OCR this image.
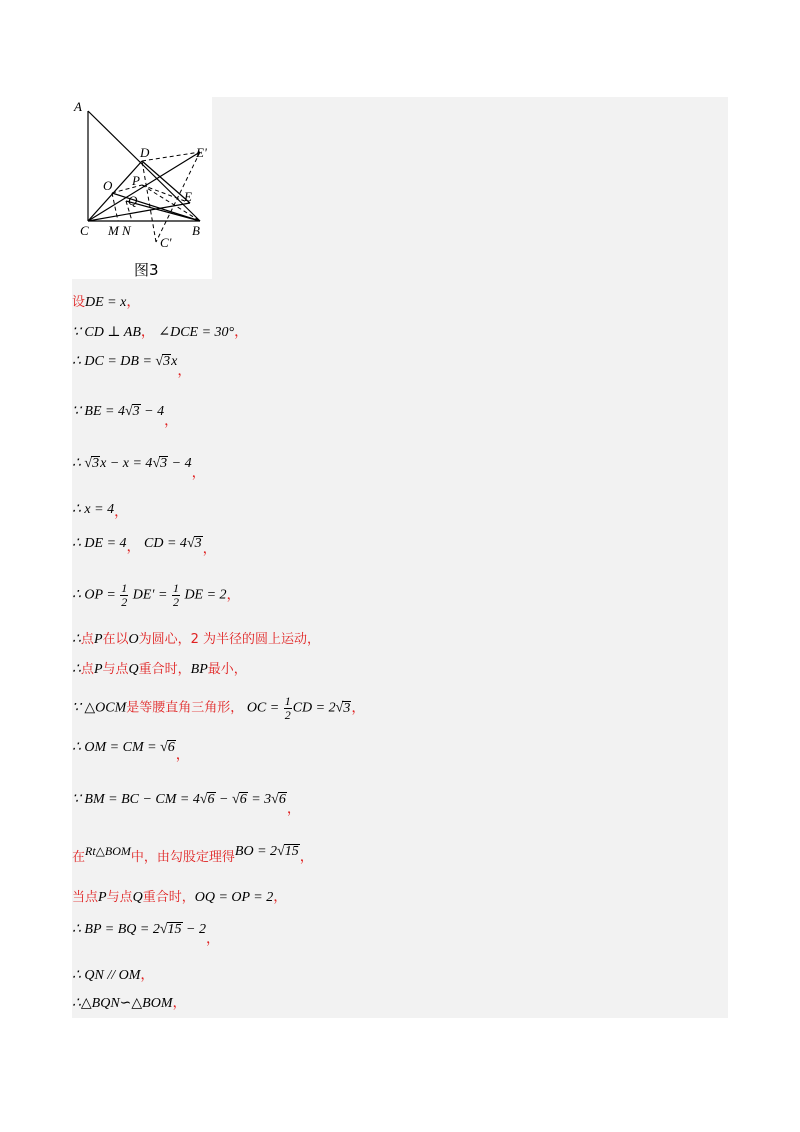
A
D	E'
O P
Q	E
C M N
C'
B
图3
设DE = x，
∵ CD ⊥ AB， ∠DCE = 30°，
∴ DC = DB = √3x，
∵ BE = 4√3 − 4，
∴ √3x − x = 4√3 − 4，
∴ x = 4，
∴ DE = 4， CD = 4√3，
∴ OP = $\frac{1}{2} DE' = \frac{1}{2}$ DE = 2，
∴点P在以O为圆心，2 为半径的圆上运动，
∴点P与点Q重合时，BP最小，
∵ △OCM是等腰直角三角形， OC = $\frac{1}{2}$ CD = 2√3，
∴ OM = CM = √6，
∵ BM = BC − CM = 4√6 − √6 = 3√6，
在Rt△BOM中，由勾股定理得BO = 2√15，
当点P与点Q重合时，OQ = OP = 2，
∴ BP = BQ = 2√15 − 2，
∴ QN // OM，
∴△BQN∽△BOM，
